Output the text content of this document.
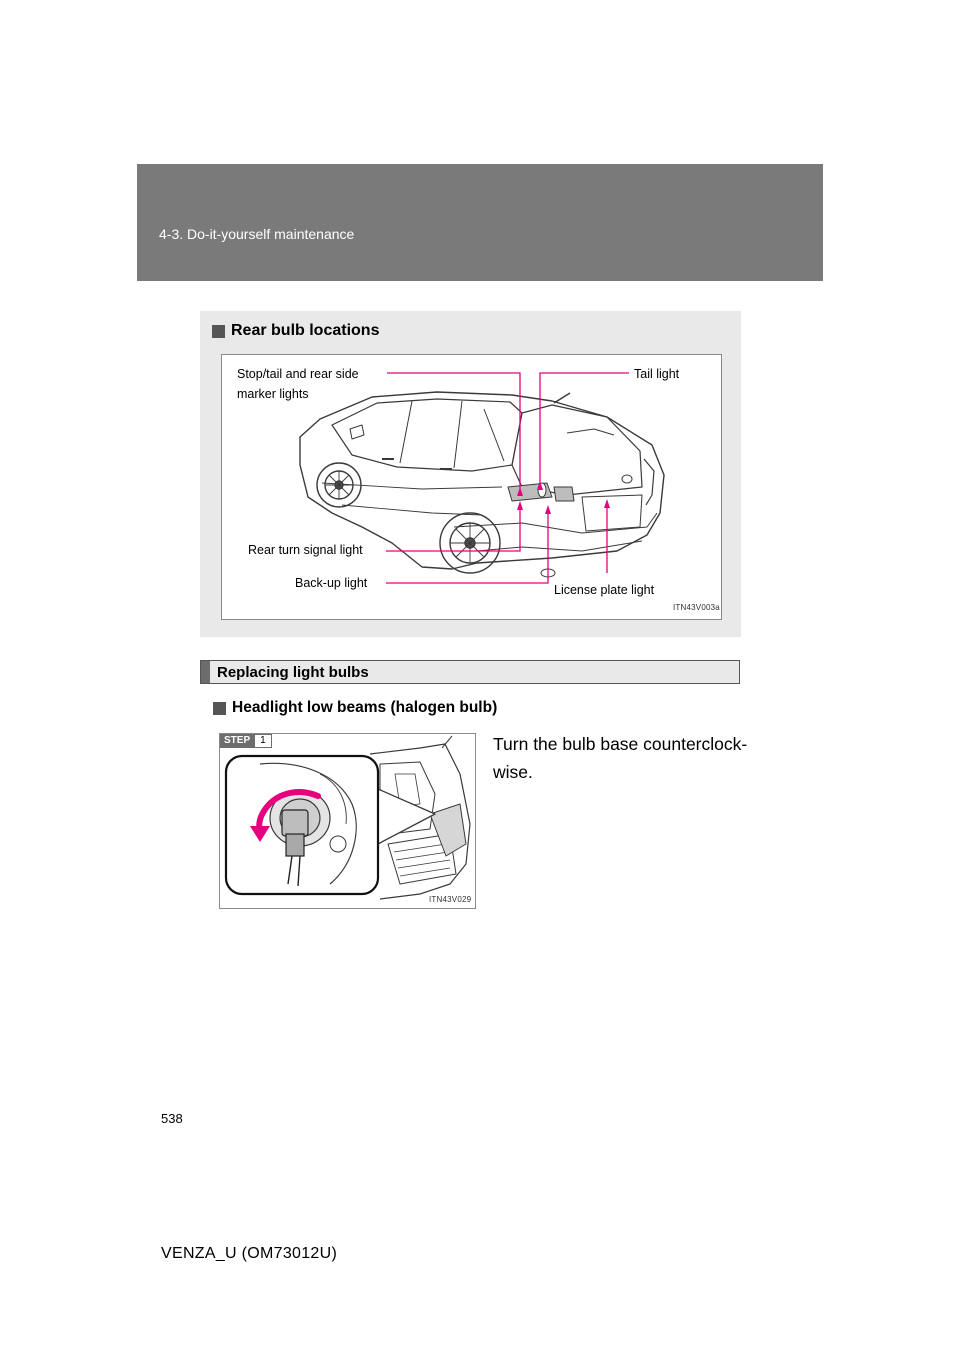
4-3. Do-it-yourself maintenance
Rear bulb locations
Stop/tail and rear side
marker lights
Tail light
Rear turn signal light
Back-up light	License plate light
ITN43V003a
Replacing light bulbs
Headlight low beams (halogen bulb)
STEP	1
ITN43V029
Turn the bulb base counterclock-wise.
538
VENZA_U (OM73012U)
